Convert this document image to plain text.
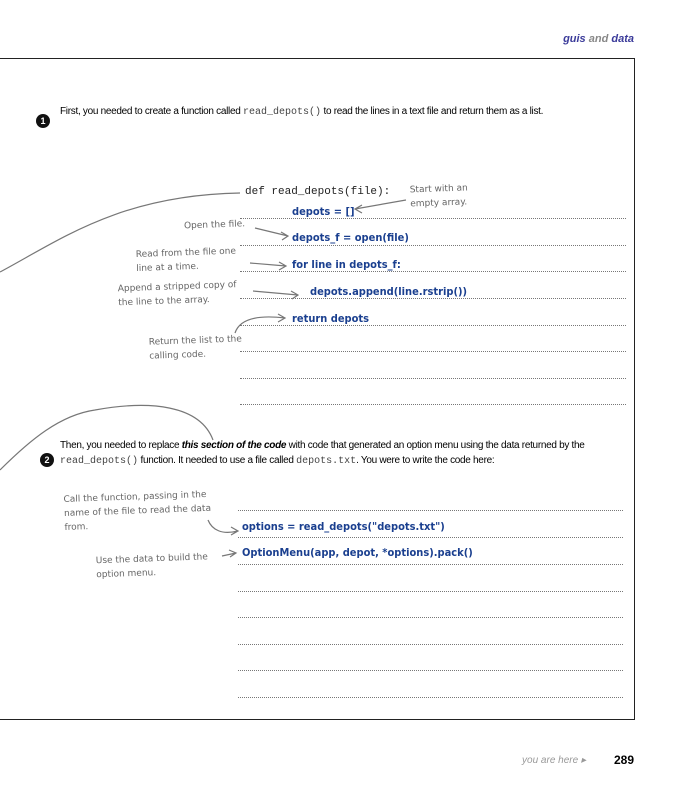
guis and data
1
First, you needed to create a function called read_depots() to read the lines in a text file and return them as a list.
def read_depots(file):
depots = []
depots_f = open(file)
for line in depots_f:
depots.append(line.rstrip())
return depots
Start with an empty array.
Open the file.
Read from the file one line at a time.
Append a stripped copy of the line to the array.
Return the list to the calling code.
2
Then, you needed to replace this section of the code with code that generated an option menu using the data returned by the read_depots() function. It needed to use a file called depots.txt. You were to write the code here:
options = read_depots("depots.txt")
OptionMenu(app, depot, *options).pack()
Call the function, passing in the name of the file to read the data from.
Use the data to build the option menu.
you are here ▸ 289
